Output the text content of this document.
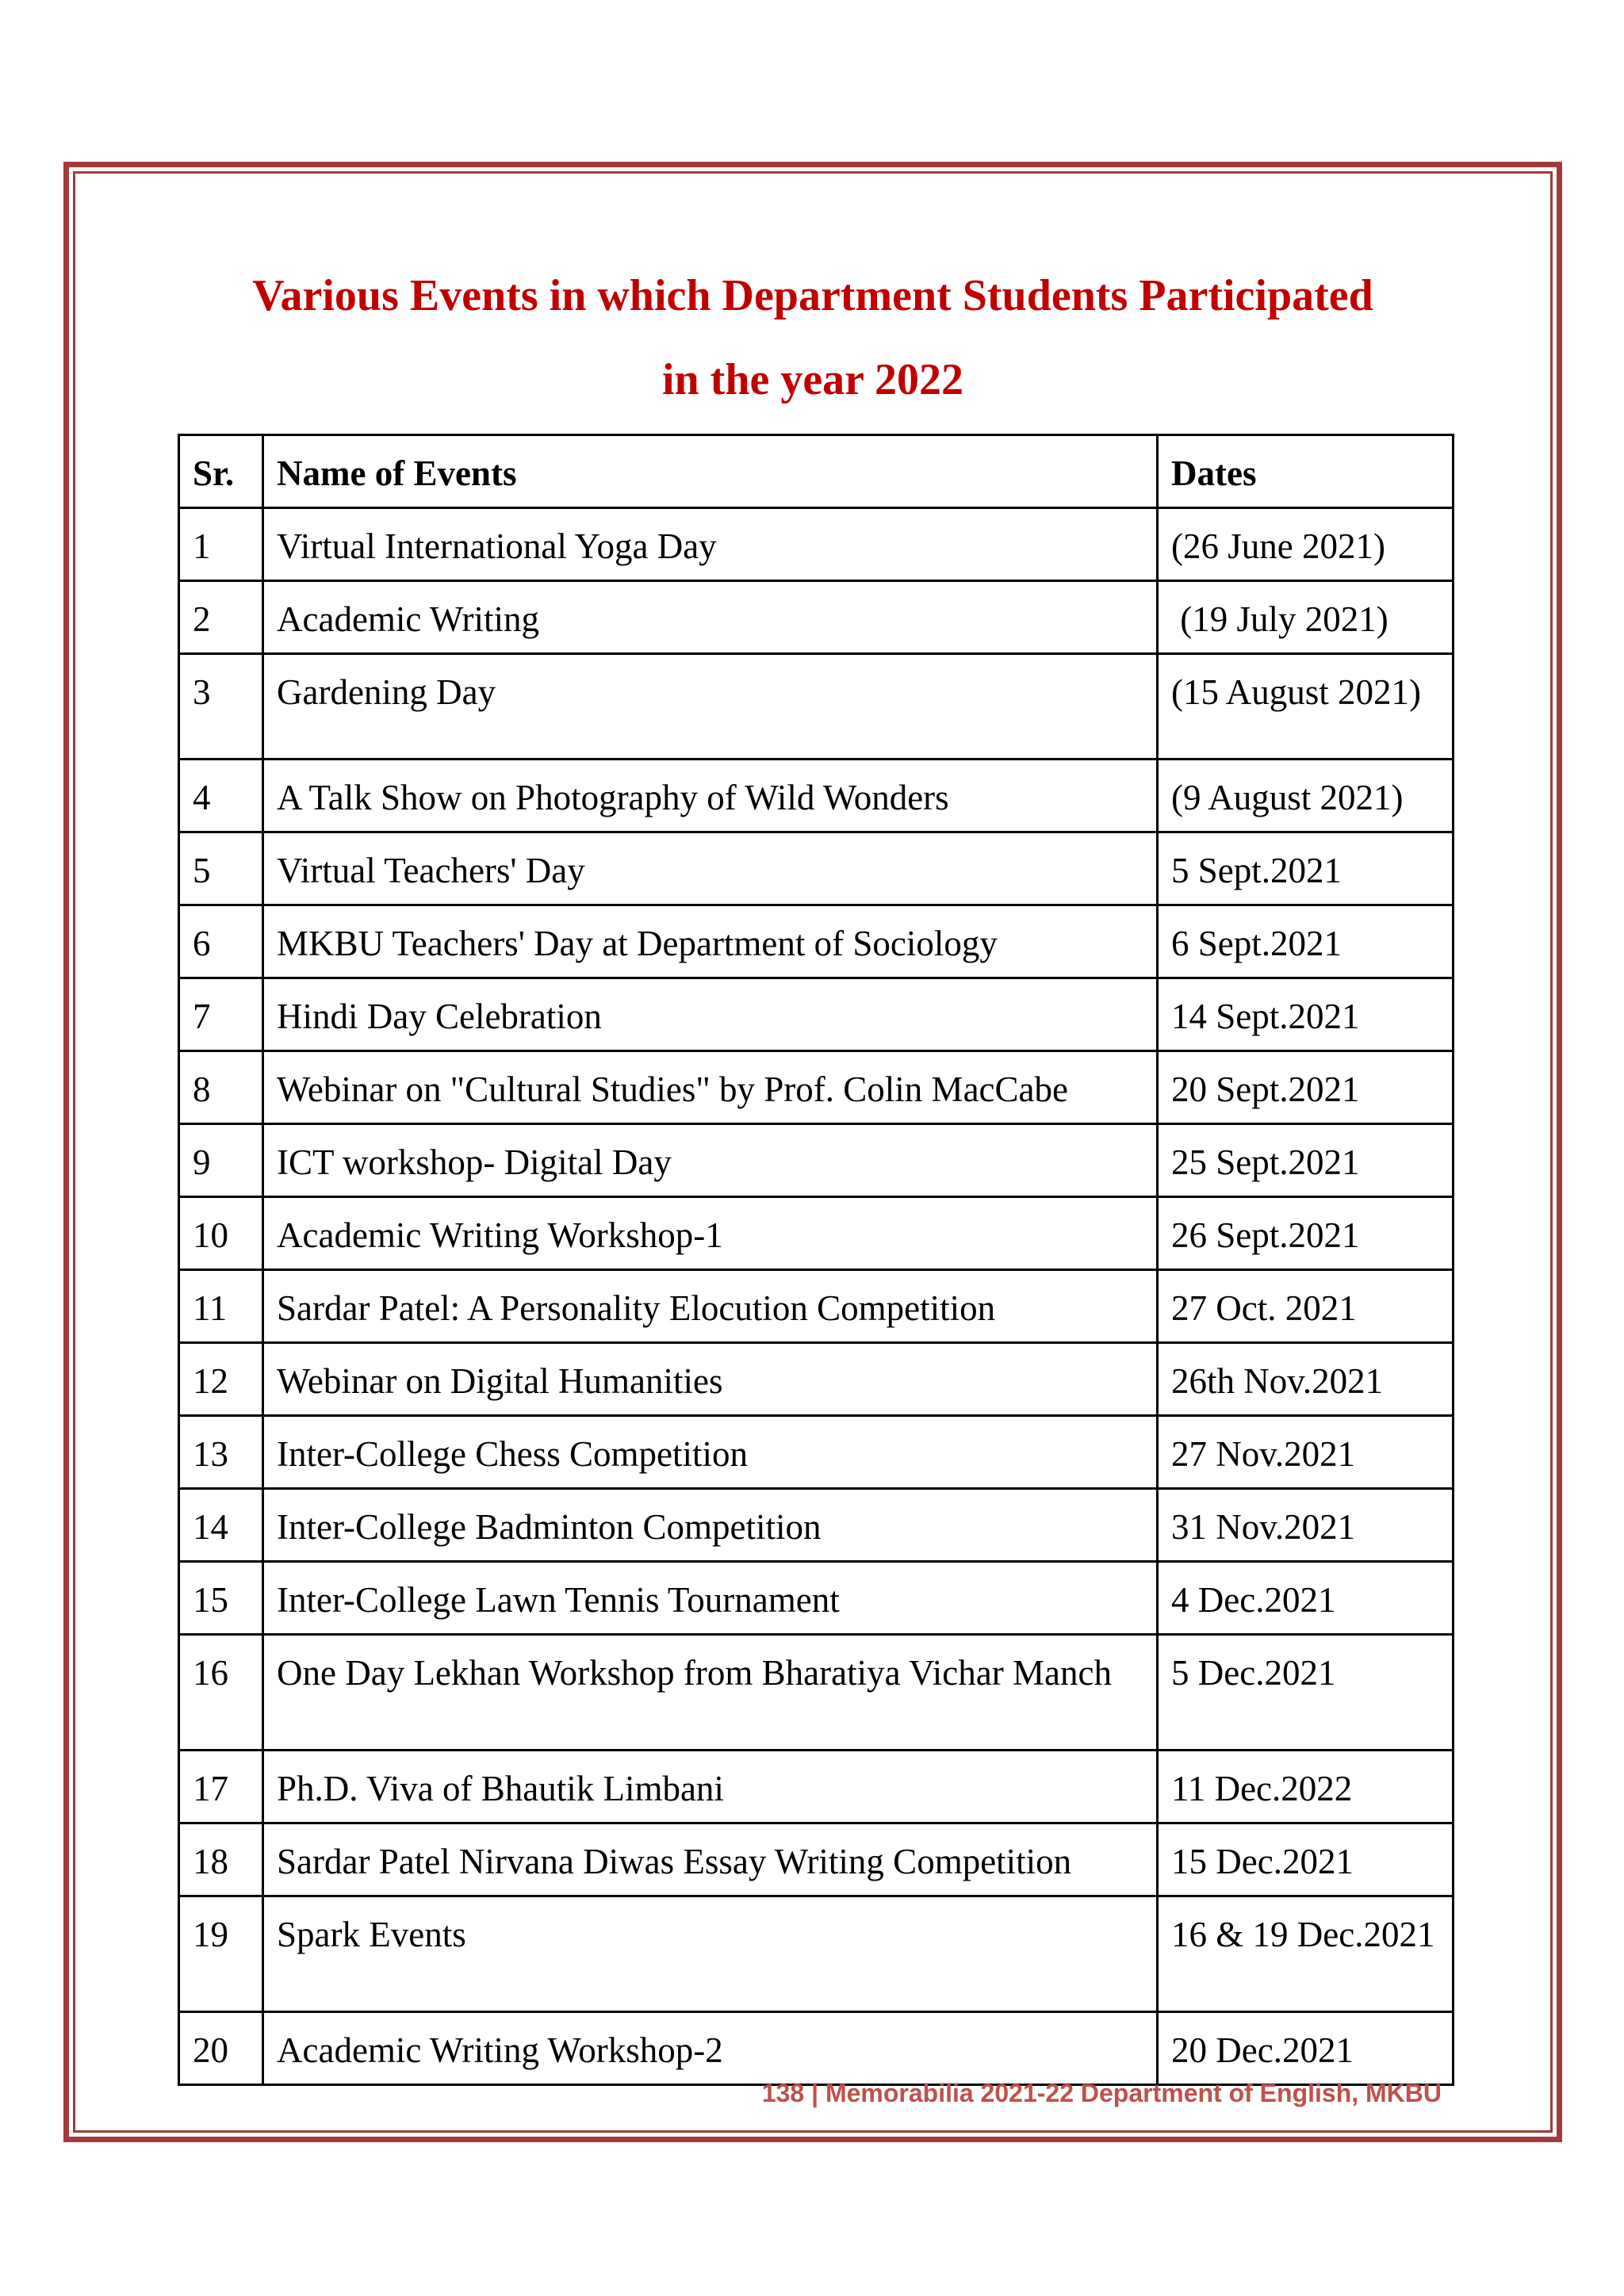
Various Events in which Department Students Participated
in the year 2022
Sr.	Name of Events	Dates
1	Virtual International Yoga Day	(26 June 2021)
2	Academic Writing	(19 July 2021)
3	Gardening Day	(15 August 2021)
4	A Talk Show on Photography of Wild Wonders	(9 August 2021)
5	Virtual Teachers' Day	5 Sept.2021
6	MKBU Teachers' Day at Department of Sociology	6 Sept.2021
7	Hindi Day Celebration	14 Sept.2021
8	Webinar on "Cultural Studies" by Prof. Colin MacCabe	20 Sept.2021
9	ICT workshop- Digital Day	25 Sept.2021
10	Academic Writing Workshop-1	26 Sept.2021
11	Sardar Patel: A Personality Elocution Competition	27 Oct. 2021
12	Webinar on Digital Humanities	26th Nov.2021
13	Inter-College Chess Competition	27 Nov.2021
14	Inter-College Badminton Competition	31 Nov.2021
15	Inter-College Lawn Tennis Tournament	4 Dec.2021
16	One Day Lekhan Workshop from Bharatiya Vichar Manch	5 Dec.2021
17	Ph.D. Viva of Bhautik Limbani	11 Dec.2022
18	Sardar Patel Nirvana Diwas Essay Writing Competition	15 Dec.2021
19	Spark Events	16 & 19 Dec.2021
20	Academic Writing Workshop-2	20 Dec.2021
138 | Memorabilia 2021-22 Department of English, MKBU
